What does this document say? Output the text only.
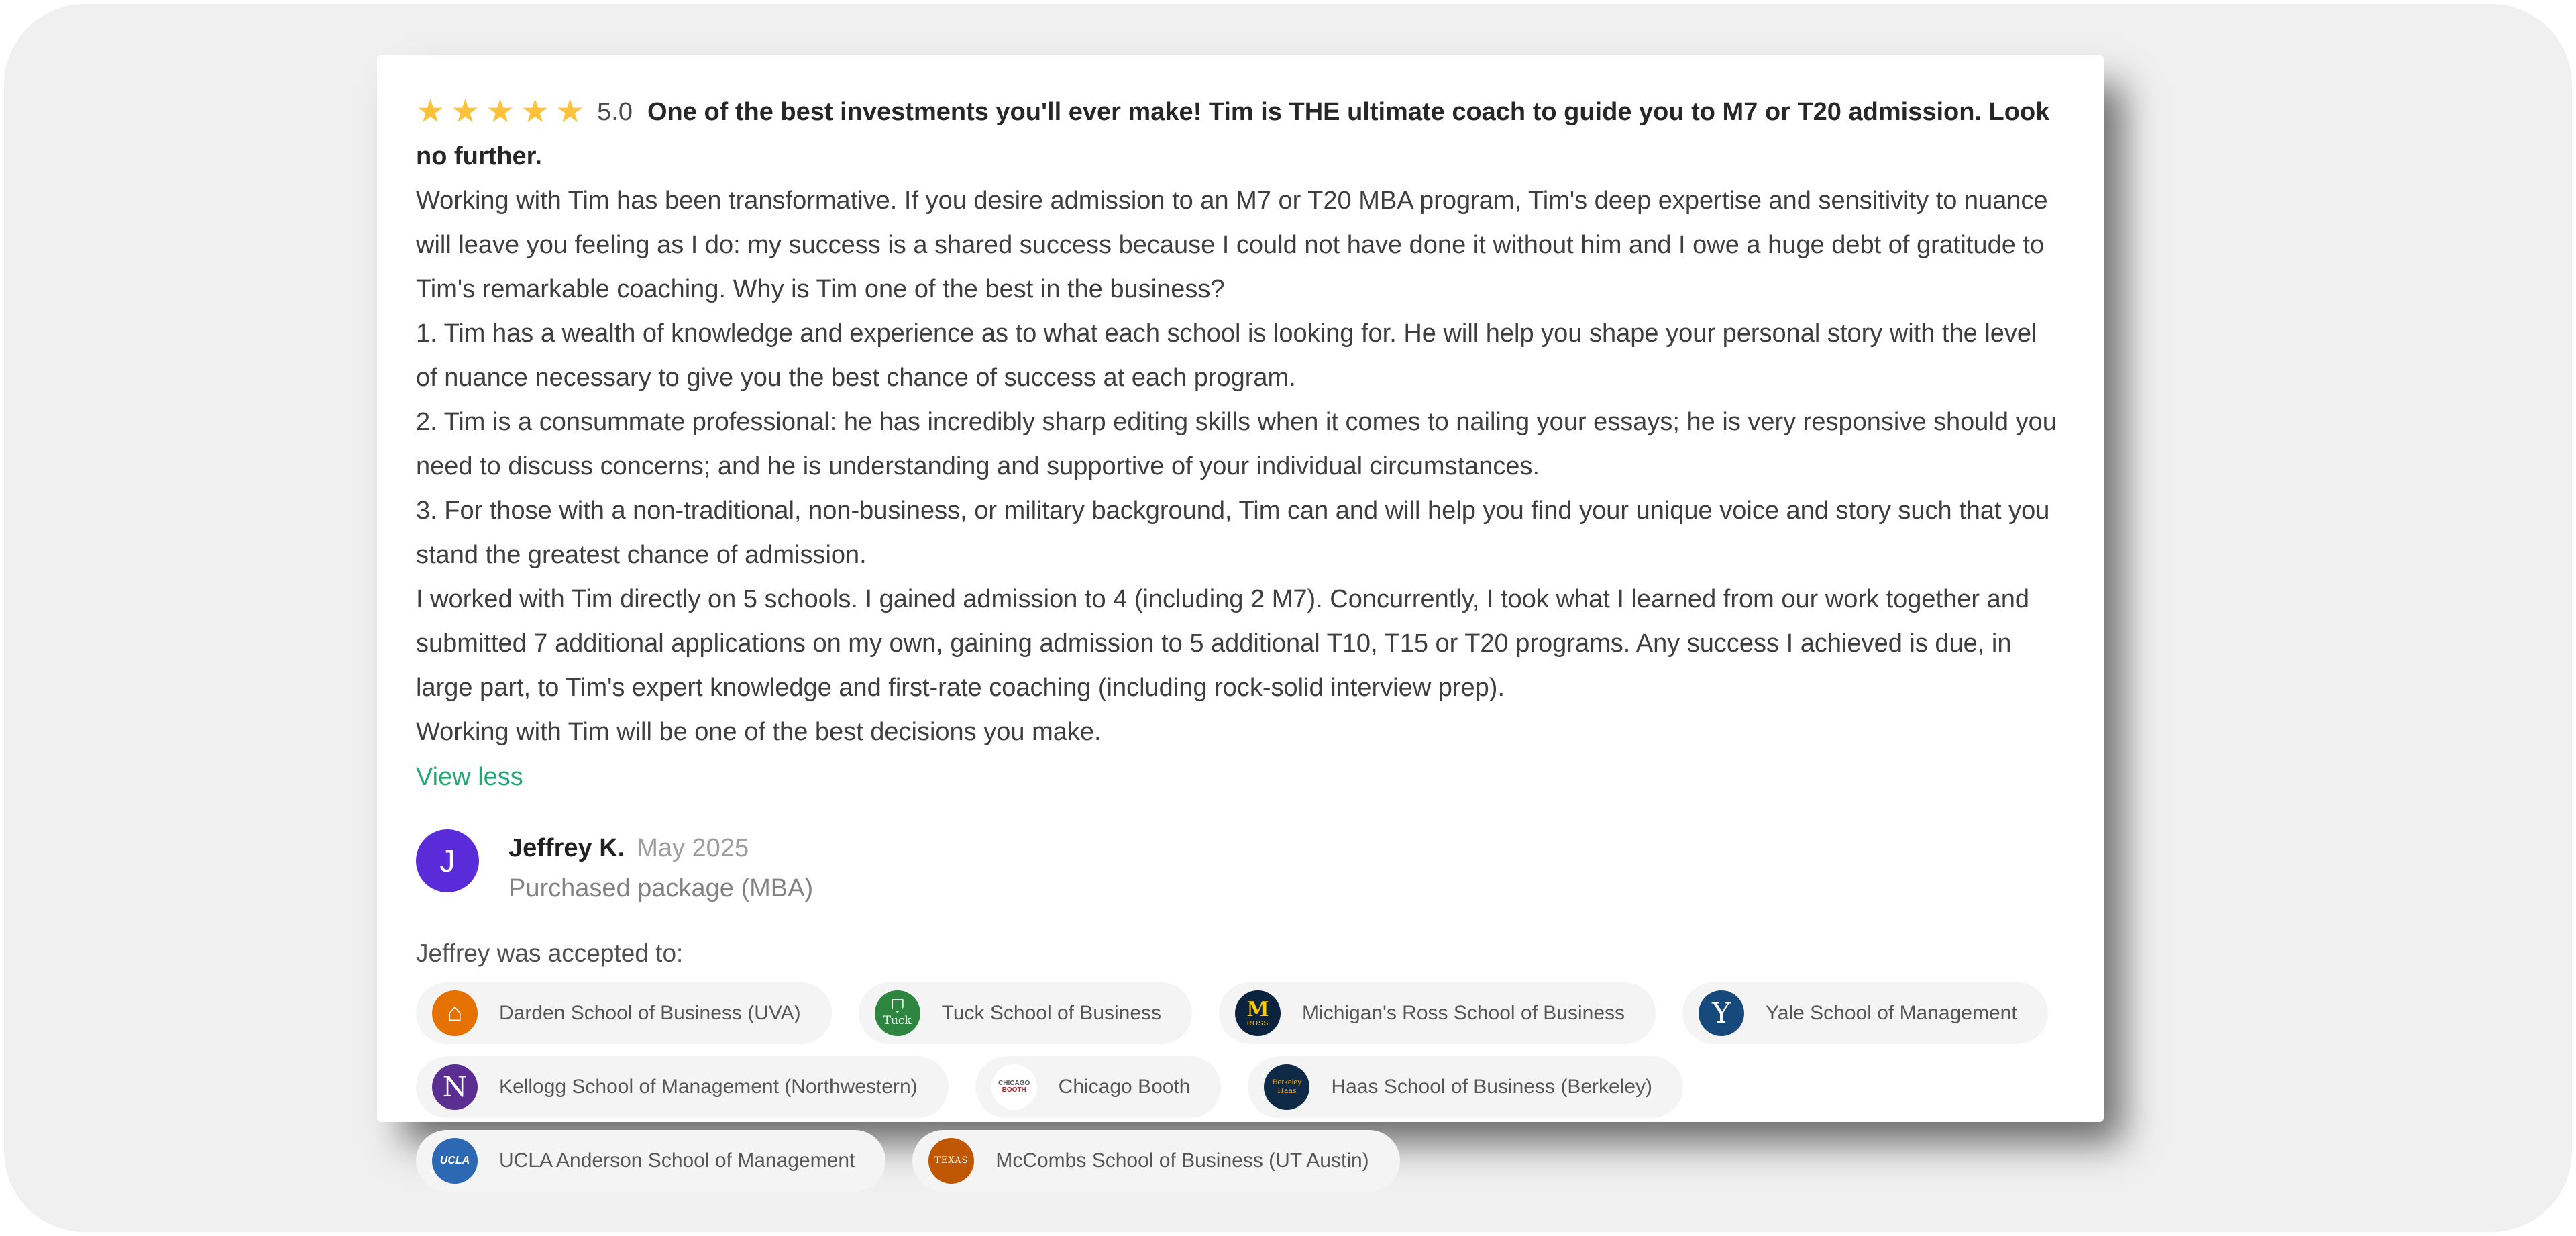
★★★★★ 5.0 One of the best investments you'll ever make! Tim is THE ultimate coach to guide you to M7 or T20 admission. Look no further.
Working with Tim has been transformative. If you desire admission to an M7 or T20 MBA program, Tim's deep expertise and sensitivity to nuance will leave you feeling as I do: my success is a shared success because I could not have done it without him and I owe a huge debt of gratitude to Tim's remarkable coaching. Why is Tim one of the best in the business?
1. Tim has a wealth of knowledge and experience as to what each school is looking for. He will help you shape your personal story with the level of nuance necessary to give you the best chance of success at each program.
2. Tim is a consummate professional: he has incredibly sharp editing skills when it comes to nailing your essays; he is very responsive should you need to discuss concerns; and he is understanding and supportive of your individual circumstances.
3. For those with a non-traditional, non-business, or military background, Tim can and will help you find your unique voice and story such that you stand the greatest chance of admission.
I worked with Tim directly on 5 schools. I gained admission to 4 (including 2 M7). Concurrently, I took what I learned from our work together and submitted 7 additional applications on my own, gaining admission to 5 additional T10, T15 or T20 programs. Any success I achieved is due, in large part, to Tim's expert knowledge and first-rate coaching (including rock-solid interview prep).
Working with Tim will be one of the best decisions you make.
View less
J Jeffrey K. May 2025
Purchased package (MBA)
Jeffrey was accepted to:
⌂ Darden School of Business (UVA)	Tuck Tuck School of Business	M
ROSS Michigan's Ross School of Business	Y Yale School of Management
N Kellogg School of Management (Northwestern)	CHICAGO
BOOTH Chicago Booth	Berkeley
Haas Haas School of Business (Berkeley)
UCLA UCLA Anderson School of Management	TEXAS McCombs School of Business (UT Austin)
